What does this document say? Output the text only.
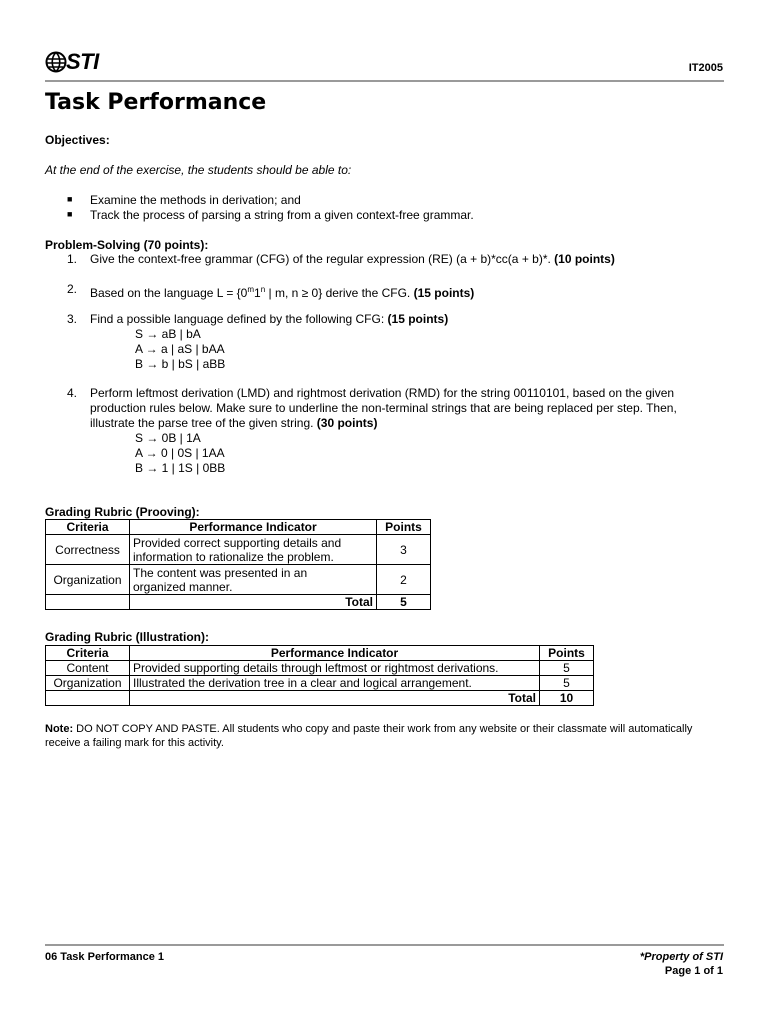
STI	IT2005
Task Performance
Objectives:
At the end of the exercise, the students should be able to:
■ Examine the methods in derivation; and
■ Track the process of parsing a string from a given context-free grammar.
Problem-Solving (70 points):
1. Give the context-free grammar (CFG) of the regular expression (RE) (a + b)*cc(a + b)*. (10 points)
2. Based on the language $L = \{0^m1^n$ | m, n ≥ 0} derive the CFG. (15 points)
3. Find a possible language defined by the following CFG: (15 points)
S → aB | bA
A → a | aS | bAA
B → b | bS | aBB
4. Perform leftmost derivation (LMD) and rightmost derivation (RMD) for the string 00110101, based on the given
production rules below. Make sure to underline the non-terminal strings that are being replaced per step. Then,
illustrate the parse tree of the given string. (30 points)
S → 0B | 1A
A → 0 | 0S | 1AA
B → 1 | 1S | 0BB
Grading Rubric (Prooving):
Criteria	Performance Indicator	Points
Correctness	Provided correct supporting details and
information to rationalize the problem.	3
Organization	The content was presented in an
organized manner.	2
	Total	5
Grading Rubric (Illustration):
Criteria	Performance Indicator	Points
Content	Provided supporting details through leftmost or rightmost derivations.	5
Organization	Illustrated the derivation tree in a clear and logical arrangement.	5
	Total	10
Note: DO NOT COPY AND PASTE. All students who copy and paste their work from any website or their classmate will automatically
receive a failing mark for this activity.
06 Task Performance 1	*Property of STI
Page 1 of 1
